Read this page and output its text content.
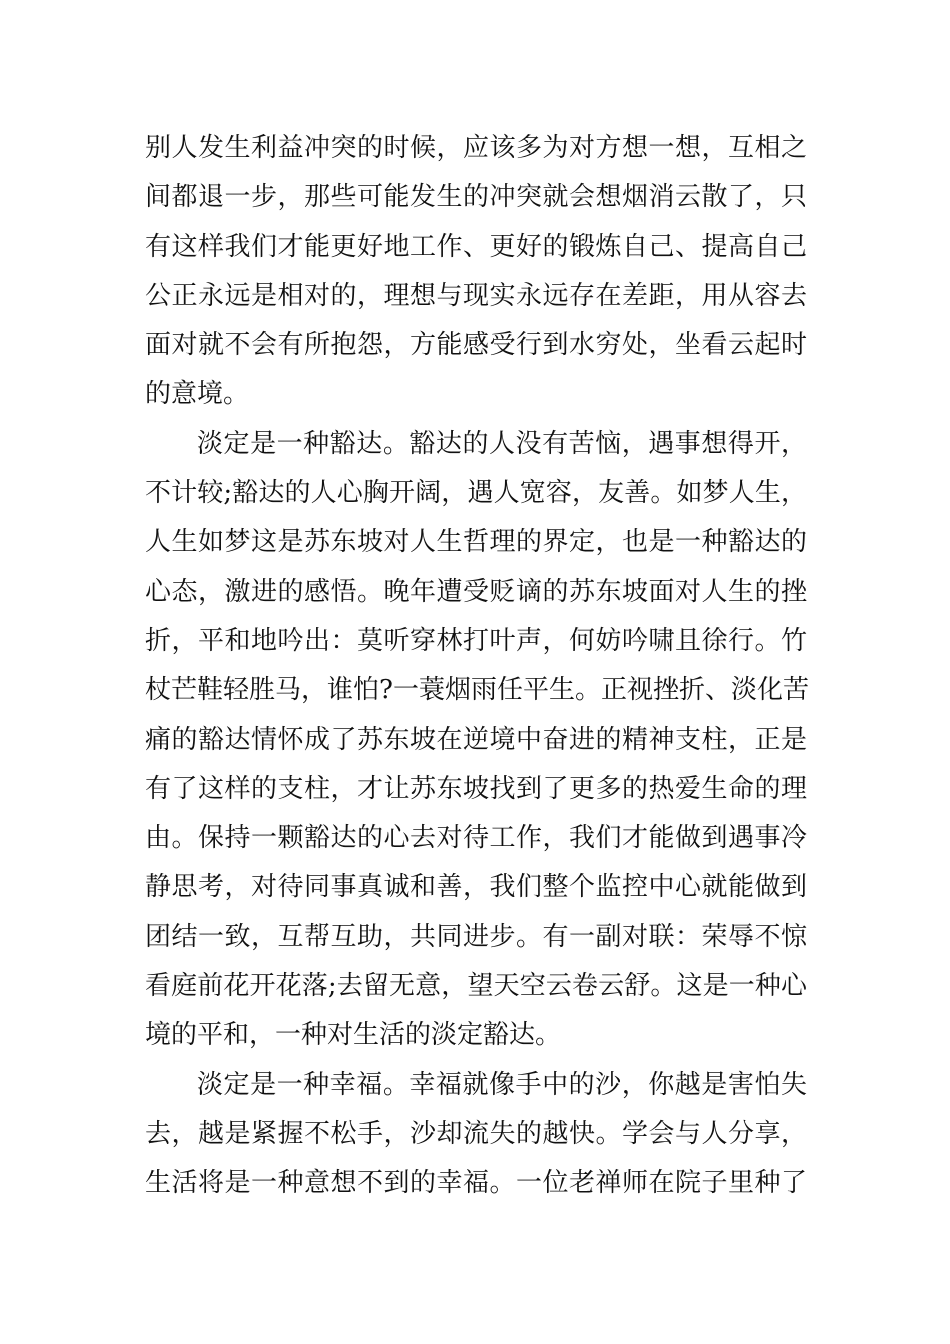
别人发生利益冲突的时候，应该多为对方想一想，互相之
间都退一步，那些可能发生的冲突就会想烟消云散了，只
有这样我们才能更好地工作、更好的锻炼自己、提高自己
公正永远是相对的，理想与现实永远存在差距，用从容去
面对就不会有所抱怨，方能感受行到水穷处，坐看云起时
的意境。
淡定是一种豁达。豁达的人没有苦恼，遇事想得开，
不计较;豁达的人心胸开阔，遇人宽容，友善。如梦人生，
人生如梦这是苏东坡对人生哲理的界定，也是一种豁达的
心态，激进的感悟。晚年遭受贬谪的苏东坡面对人生的挫
折，平和地吟出：莫听穿林打叶声，何妨吟啸且徐行。竹
杖芒鞋轻胜马，谁怕?一蓑烟雨任平生。正视挫折、淡化苦
痛的豁达情怀成了苏东坡在逆境中奋进的精神支柱，正是
有了这样的支柱，才让苏东坡找到了更多的热爱生命的理
由。保持一颗豁达的心去对待工作，我们才能做到遇事冷
静思考，对待同事真诚和善，我们整个监控中心就能做到
团结一致，互帮互助，共同进步。有一副对联：荣辱不惊
看庭前花开花落;去留无意，望天空云卷云舒。这是一种心
境的平和，一种对生活的淡定豁达。
淡定是一种幸福。幸福就像手中的沙，你越是害怕失
去，越是紧握不松手，沙却流失的越快。学会与人分享，
生活将是一种意想不到的幸福。一位老禅师在院子里种了
